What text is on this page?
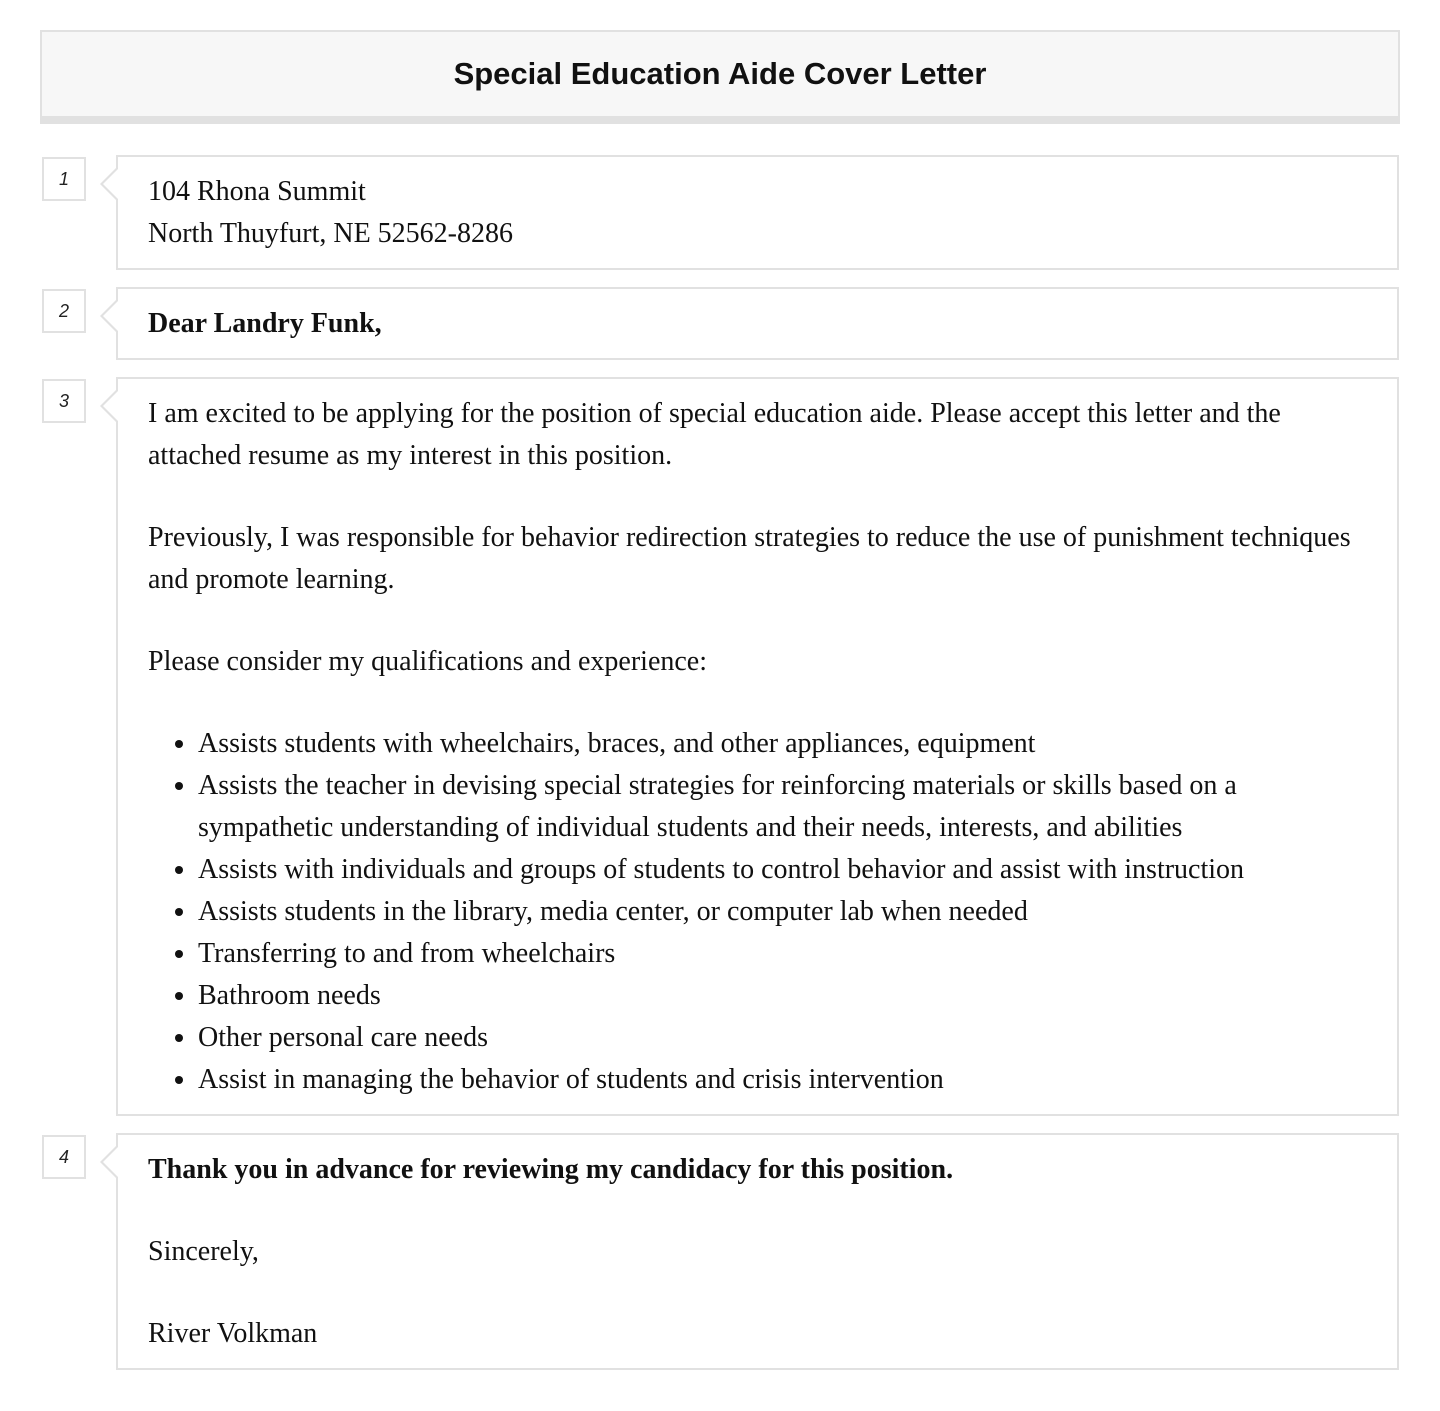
Special Education Aide Cover Letter
1	104 Rhona Summit
North Thuyfurt, NE 52562-8286
2	Dear Landry Funk,
3	I am excited to be applying for the position of special education aide. Please accept this letter and the attached resume as my interest in this position.

Previously, I was responsible for behavior redirection strategies to reduce the use of punishment techniques and promote learning.

Please consider my qualifications and experience:

• Assists students with wheelchairs, braces, and other appliances, equipment
• Assists the teacher in devising special strategies for reinforcing materials or skills based on a sympathetic understanding of individual students and their needs, interests, and abilities
• Assists with individuals and groups of students to control behavior and assist with instruction
• Assists students in the library, media center, or computer lab when needed
• Transferring to and from wheelchairs
• Bathroom needs
• Other personal care needs
• Assist in managing the behavior of students and crisis intervention
4	Thank you in advance for reviewing my candidacy for this position.

Sincerely,

River Volkman
